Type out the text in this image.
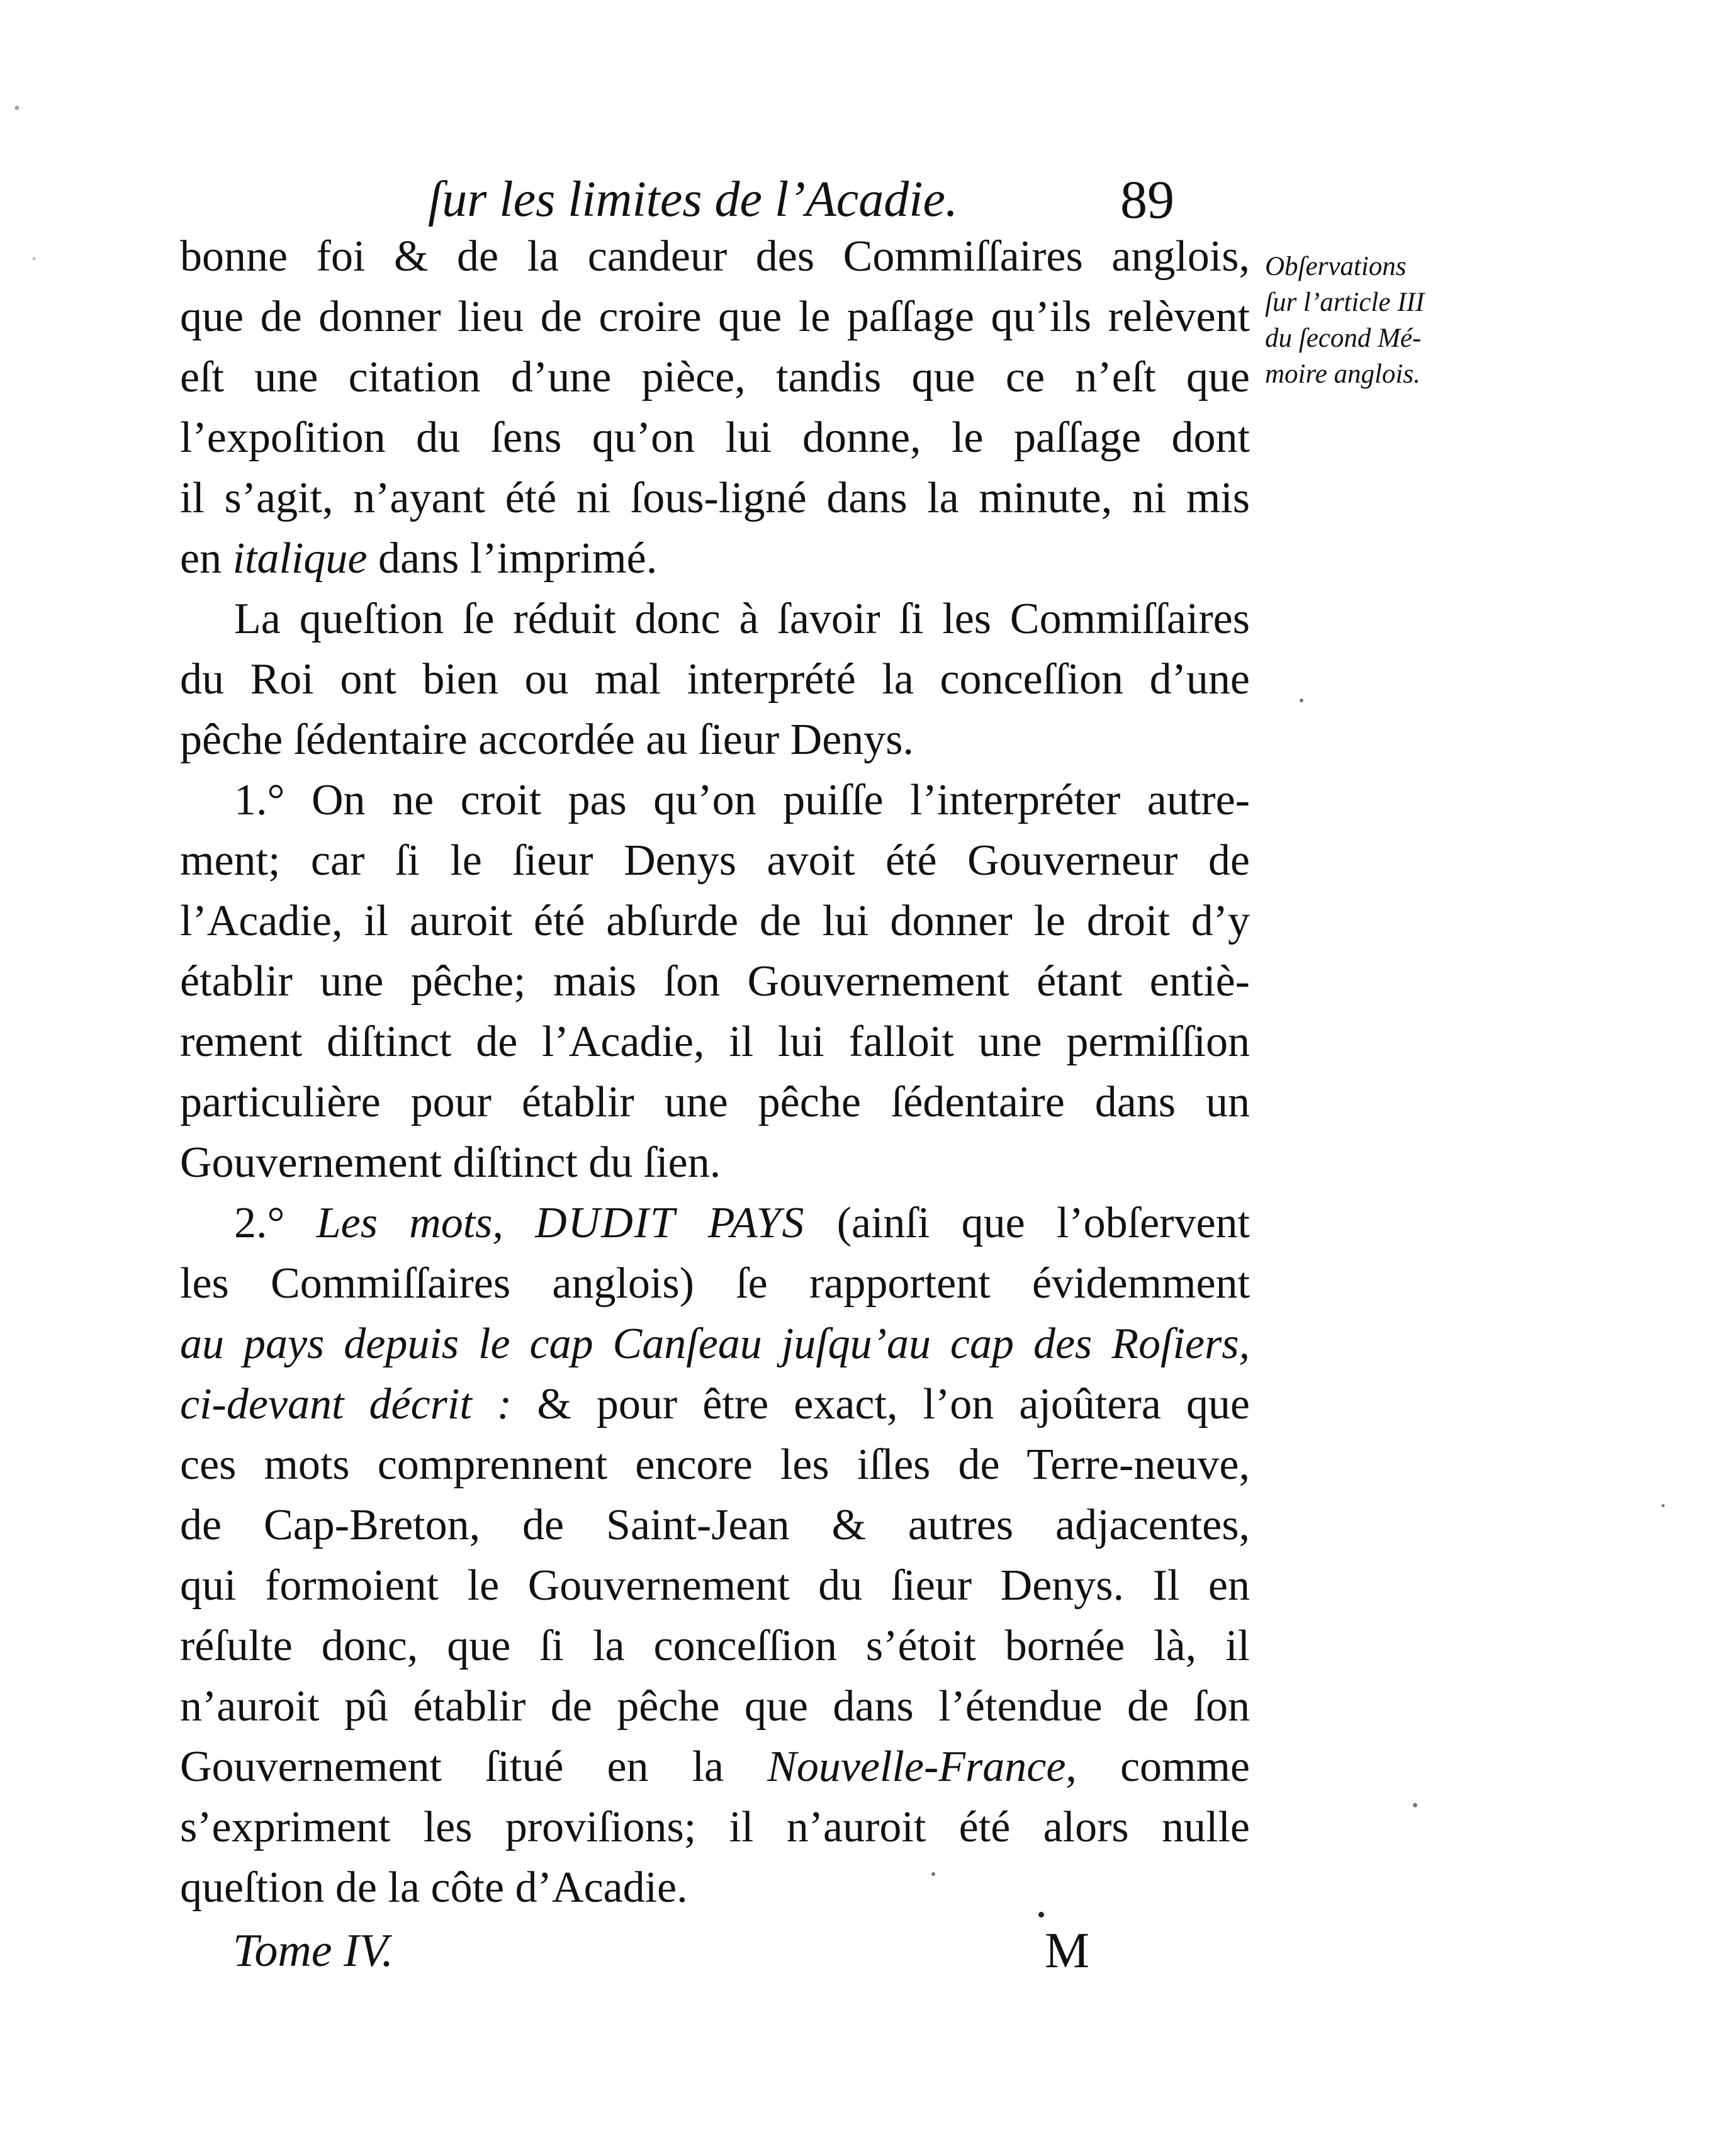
ſur les limites de l’Acadie.	89
Obſervations
ſur l’article III
du ſecond Mé-
moire anglois.
bonne foi & de la candeur des Commiſſaires anglois,
que de donner lieu de croire que le paſſage qu’ils relèvent
eſt une citation d’une pièce, tandis que ce n’eſt que
l’expoſition du ſens qu’on lui donne, le paſſage dont
il s’agit, n’ayant été ni ſous-ligné dans la minute, ni mis
en italique dans l’imprimé.
La queſtion ſe réduit donc à ſavoir ſi les Commiſſaires
du Roi ont bien ou mal interprété la conceſſion d’une
pêche ſédentaire accordée au ſieur Denys.
1.° On ne croit pas qu’on puiſſe l’interpréter autre-
ment; car ſi le ſieur Denys avoit été Gouverneur de
l’Acadie, il auroit été abſurde de lui donner le droit d’y
établir une pêche; mais ſon Gouvernement étant entiè-
rement diſtinct de l’Acadie, il lui falloit une permiſſion
particulière pour établir une pêche ſédentaire dans un
Gouvernement diſtinct du ſien.
2.° Les mots, DUDIT PAYS (ainſi que l’obſervent
les Commiſſaires anglois) ſe rapportent évidemment
au pays depuis le cap Canſeau juſqu’au cap des Roſiers,
ci-devant décrit : & pour être exact, l’on ajoûtera que
ces mots comprennent encore les iſles de Terre-neuve,
de Cap-Breton, de Saint-Jean & autres adjacentes,
qui formoient le Gouvernement du ſieur Denys. Il en
réſulte donc, que ſi la conceſſion s’étoit bornée là, il
n’auroit pû établir de pêche que dans l’étendue de ſon
Gouvernement ſitué en la Nouvelle-France, comme
s’expriment les proviſions; il n’auroit été alors nulle
queſtion de la côte d’Acadie.
Tome IV.	M
